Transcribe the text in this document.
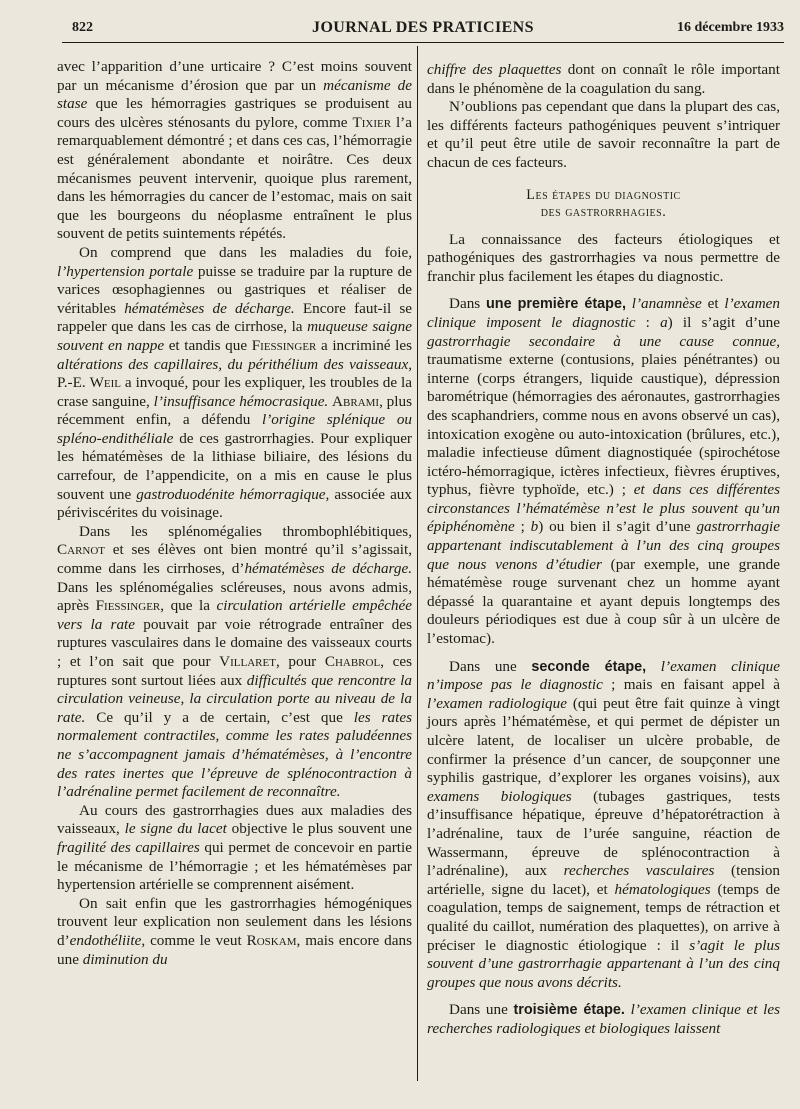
822	JOURNAL DES PRATICIENS	16 décembre 1933

avec l’apparition d’une urticaire ? C’est moins souvent par un mécanisme d’érosion que par un mécanisme de stase que les hémorragies gastriques se produisent au cours des ulcères sténosants du pylore, comme Tixier l’a remarquablement démontré ; et dans ces cas, l’hémorragie est généralement abondante et noirâtre. Ces deux mécanismes peuvent intervenir, quoique plus rarement, dans les hémorragies du cancer de l’estomac, mais on sait que les bourgeons du néoplasme entraînent le plus souvent de petits suintements répétés.

On comprend que dans les maladies du foie, l’hypertension portale puisse se traduire par la rupture de varices œsophagiennes ou gastriques et réaliser de véritables hématémèses de décharge. Encore faut-il se rappeler que dans les cas de cirrhose, la muqueuse saigne souvent en nappe et tandis que Fiessinger a incriminé les altérations des capillaires, du périthélium des vaisseaux, P.-E. Weil a invoqué, pour les expliquer, les troubles de la crase sanguine, l’insuffisance hémocrasique. Abrami, plus récemment enfin, a défendu l’origine splénique ou spléno-endithéliale de ces gastrorrhagies. Pour expliquer les hématémèses de la lithiase biliaire, des lésions du carrefour, de l’appendicite, on a mis en cause le plus souvent une gastroduodénite hémorragique, associée aux périviscérites du voisinage.

Dans les splénomégalies thrombophlébitiques, Carnot et ses élèves ont bien montré qu’il s’agissait, comme dans les cirrhoses, d’hématémèses de décharge. Dans les splénomégalies scléreuses, nous avons admis, après Fiessinger, que la circulation artérielle empêchée vers la rate pouvait par voie rétrograde entraîner des ruptures vasculaires dans le domaine des vaisseaux courts ; et l’on sait que pour Villaret, pour Chabrol, ces ruptures sont surtout liées aux difficultés que rencontre la circulation veineuse, la circulation porte au niveau de la rate. Ce qu’il y a de certain, c’est que les rates normalement contractiles, comme les rates paludéennes ne s’accompagnent jamais d’hématémèses, à l’encontre des rates inertes que l’épreuve de splénocontraction à l’adrénaline permet facilement de reconnaître.

Au cours des gastrorrhagies dues aux maladies des vaisseaux, le signe du lacet objective le plus souvent une fragilité des capillaires qui permet de concevoir en partie le mécanisme de l’hémorragie ; et les hématémèses par hypertension artérielle se comprennent aisément.

On sait enfin que les gastrorrhagies hémogéniques trouvent leur explication non seulement dans les lésions d’endothéliite, comme le veut Roskam, mais encore dans une diminution du

chiffre des plaquettes dont on connaît le rôle important dans le phénomène de la coagulation du sang.

N’oublions pas cependant que dans la plupart des cas, les différents facteurs pathogéniques peuvent s’intriquer et qu’il peut être utile de savoir reconnaître la part de chacun de ces facteurs.

Les étapes du diagnostic
des gastrorrhagies.

La connaissance des facteurs étiologiques et pathogéniques des gastrorrhagies va nous permettre de franchir plus facilement les étapes du diagnostic.

Dans une première étape, l’anamnèse et l’examen clinique imposent le diagnostic : a) il s’agit d’une gastrorrhagie secondaire à une cause connue, traumatisme externe (contusions, plaies pénétrantes) ou interne (corps étrangers, liquide caustique), dépression barométrique (hémorragies des aéronautes, gastrorrhagies des scaphandriers, comme nous en avons observé un cas), intoxication exogène ou auto-intoxication (brûlures, etc.), maladie infectieuse dûment diagnostiquée (spirochétose ictéro-hémorragique, ictères infectieux, fièvres éruptives, typhus, fièvre typhoïde, etc.) ; et dans ces différentes circonstances l’hématémèse n’est le plus souvent qu’un épiphénomène ; b) ou bien il s’agit d’une gastrorrhagie appartenant indiscutablement à l’un des cinq groupes que nous venons d’étudier (par exemple, une grande hématémèse rouge survenant chez un homme ayant dépassé la quarantaine et ayant depuis longtemps des douleurs périodiques est due à coup sûr à un ulcère de l’estomac).

Dans une seconde étape, l’examen clinique n’impose pas le diagnostic ; mais en faisant appel à l’examen radiologique (qui peut être fait quinze à vingt jours après l’hématémèse, et qui permet de dépister un ulcère latent, de localiser un ulcère probable, de confirmer la présence d’un cancer, de soupçonner une syphilis gastrique, d’explorer les organes voisins), aux examens biologiques (tubages gastriques, tests d’insuffisance hépatique, épreuve d’hépatorétraction à l’adrénaline, taux de l’urée sanguine, réaction de Wassermann, épreuve de splénocontraction à l’adrénaline), aux recherches vasculaires (tension artérielle, signe du lacet), et hématologiques (temps de coagulation, temps de saignement, temps de rétraction et qualité du caillot, numération des plaquettes), on arrive à préciser le diagnostic étiologique : il s’agit le plus souvent d’une gastrorrhagie appartenant à l’un des cinq groupes que nous avons décrits.

Dans une troisième étape. l’examen clinique et les recherches radiologiques et biologiques laissent
